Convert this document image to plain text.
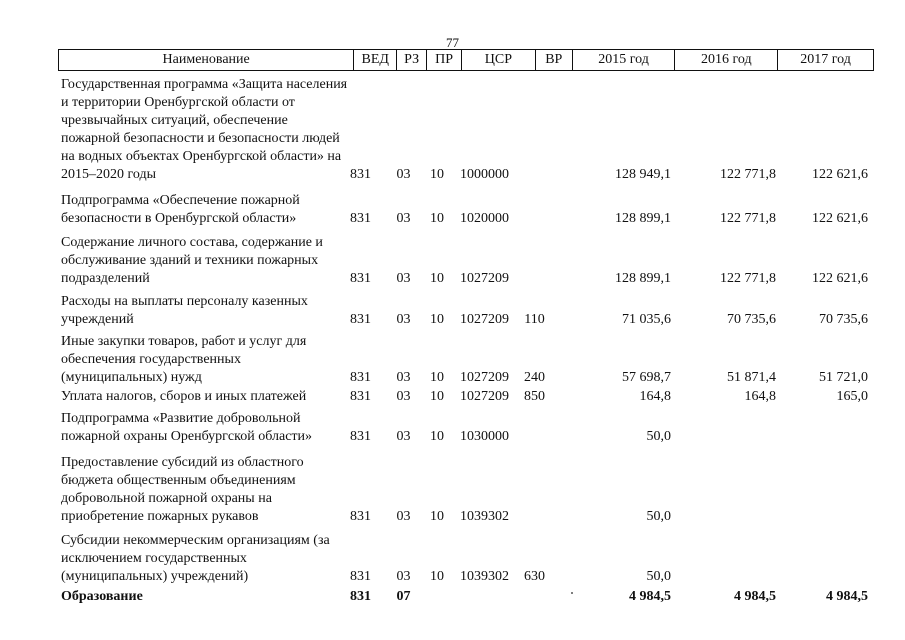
77
Наименование	ВЕД	РЗ	ПР	ЦСР	ВР	2015 год	2016 год	2017 год
Государственная программа «Защита населения и территории Оренбургской области от чрезвычайных ситуаций, обеспечение пожарной безопасности и безопасности людей на водных объектах Оренбургской области» на 2015–2020 годы	831	03	10	1000000	128 949,1	122 771,8	122 621,6
Подпрограмма «Обеспечение пожарной безопасности в Оренбургской области»	831	03	10	1020000	128 899,1	122 771,8	122 621,6
Содержание личного состава, содержание и обслуживание зданий и техники пожарных подразделений	831	03	10	1027209	128 899,1	122 771,8	122 621,6
Расходы на выплаты персоналу казенных учреждений	831	03	10	1027209	110	71 035,6	70 735,6	70 735,6
Иные закупки товаров, работ и услуг для обеспечения государственных (муниципальных) нужд	831	03	10	1027209	240	57 698,7	51 871,4	51 721,0
Уплата налогов, сборов и иных платежей	831	03	10	1027209	850	164,8	164,8	165,0
Подпрограмма «Развитие добровольной пожарной охраны Оренбургской области»	831	03	10	1030000	50,0
Предоставление субсидий из областного бюджета общественным объединениям добровольной пожарной охраны на приобретение пожарных рукавов	831	03	10	1039302	50,0
Субсидии некоммерческим организациям (за исключением государственных (муниципальных) учреждений)	831	03	10	1039302	630	50,0
Образование	831	07	4 984,5	4 984,5	4 984,5
